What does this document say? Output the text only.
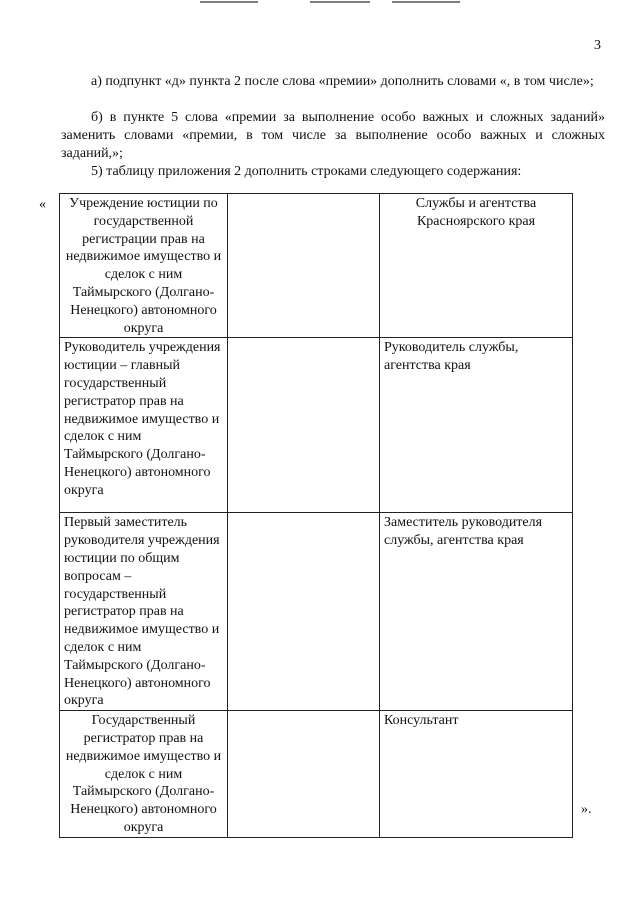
3
а) подпункт «д» пункта 2 после слова «премии» дополнить словами «, в том числе»;
б) в пункте 5 слова «премии за выполнение особо важных и сложных заданий» заменить словами «премии, в том числе за выполнение особо важных и сложных заданий,»;
5) таблицу приложения 2 дополнить строками следующего содержания:
« Учреждение юстиции по государственной регистрации прав на недвижимое имущество и сделок с ним Таймырского (Долгано-Ненецкого) автономного округа		Службы и агентства Красноярского края
Руководитель учреждения юстиции – главный государственный регистратор прав на недвижимое имущество и сделок с ним Таймырского (Долгано-Ненецкого) автономного округа		Руководитель службы, агентства края
Первый заместитель руководителя учреждения юстиции по общим вопросам – государственный регистратор прав на недвижимое имущество и сделок с ним Таймырского (Долгано-Ненецкого) автономного округа		Заместитель руководителя службы, агентства края
Государственный регистратор прав на недвижимое имущество и сделок с ним Таймырского (Долгано-Ненецкого) автономного округа		Консультант
».
